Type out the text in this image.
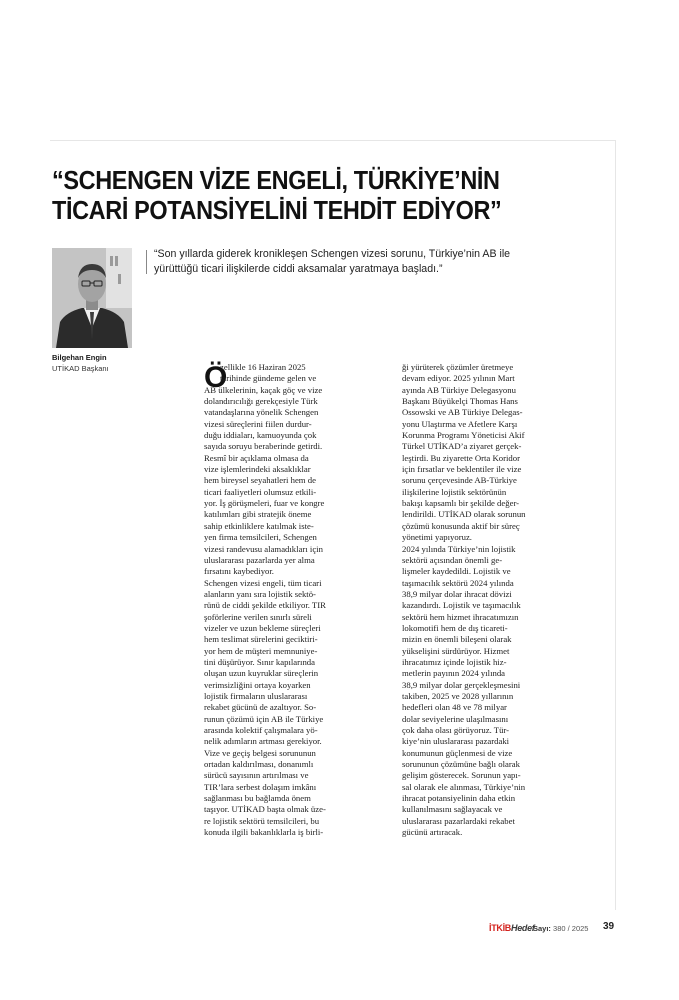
“SCHENGEN VİZE ENGELİ, TÜRKİYE’NİN
TİCARİ POTANSİYELİNİ TEHDİT EDİYOR”
Bilgehan Engin
UTİKAD Başkanı
“Son yıllarda giderek kronikleşen Schengen vizesi sorunu, Türkiye’nin AB ile
yürüttüğü ticari ilişkilerde ciddi aksamalar yaratmaya başladı.”
Ö
zellikle 16 Haziran 2025
tarihinde gündeme gelen ve
AB ülkelerinin, kaçak göç ve vize
dolandırıcılığı gerekçesiyle Türk
vatandaşlarına yönelik Schengen
vizesi süreçlerini fiilen durdur-
duğu iddiaları, kamuoyunda çok
sayıda soruyu beraberinde getirdi.
Resmî bir açıklama olmasa da
vize işlemlerindeki aksaklıklar
hem bireysel seyahatleri hem de
ticari faaliyetleri olumsuz etkili-
yor. İş görüşmeleri, fuar ve kongre
katılımları gibi stratejik öneme
sahip etkinliklere katılmak iste-
yen firma temsilcileri, Schengen
vizesi randevusu alamadıkları için
uluslararası pazarlarda yer alma
fırsatını kaybediyor.
Schengen vizesi engeli, tüm ticari
alanların yanı sıra lojistik sektö-
rünü de ciddi şekilde etkiliyor. TIR
şoförlerine verilen sınırlı süreli
vizeler ve uzun bekleme süreçleri
hem teslimat sürelerini geciktiri-
yor hem de müşteri memnuniye-
tini düşürüyor. Sınır kapılarında
oluşan uzun kuyruklar süreçlerin
verimsizliğini ortaya koyarken
lojistik firmaların uluslararası
rekabet gücünü de azaltıyor. So-
runun çözümü için AB ile Türkiye
arasında kolektif çalışmalara yö-
nelik adımların artması gerekiyor.
Vize ve geçiş belgesi sorununun
ortadan kaldırılması, donanımlı
sürücü sayısının artırılması ve
TIR’lara serbest dolaşım imkânı
sağlanması bu bağlamda önem
taşıyor. UTİKAD başta olmak üze-
re lojistik sektörü temsilcileri, bu
konuda ilgili bakanlıklarla iş birli-
ği yürüterek çözümler üretmeye
devam ediyor. 2025 yılının Mart
ayında AB Türkiye Delegasyonu
Başkanı Büyükelçi Thomas Hans
Ossowski ve AB Türkiye Delegas-
yonu Ulaştırma ve Afetlere Karşı
Korunma Programı Yöneticisi Akif
Türkel UTİKAD’a ziyaret gerçek-
leştirdi. Bu ziyarette Orta Koridor
için fırsatlar ve beklentiler ile vize
sorunu çerçevesinde AB-Türkiye
ilişkilerine lojistik sektörünün
bakışı kapsamlı bir şekilde değer-
lendirildi. UTİKAD olarak sorunun
çözümü konusunda aktif bir süreç
yönetimi yapıyoruz.
2024 yılında Türkiye’nin lojistik
sektörü açısından önemli ge-
lişmeler kaydedildi. Lojistik ve
taşımacılık sektörü 2024 yılında
38,9 milyar dolar ihracat dövizi
kazandırdı. Lojistik ve taşımacılık
sektörü hem hizmet ihracatımızın
lokomotifi hem de dış ticareti-
mizin en önemli bileşeni olarak
yükselişini sürdürüyor. Hizmet
ihracatımız içinde lojistik hiz-
metlerin payının 2024 yılında
38,9 milyar dolar gerçekleşmesini
takiben, 2025 ve 2028 yıllarının
hedefleri olan 48 ve 78 milyar
dolar seviyelerine ulaşılmasını
çok daha olası görüyoruz. Tür-
kiye’nin uluslararası pazardaki
konumunun güçlenmesi de vize
sorununun çözümüne bağlı olarak
gelişim gösterecek. Sorunun yapı-
sal olarak ele alınması, Türkiye’nin
ihracat potansiyelinin daha etkin
kullanılmasını sağlayacak ve
uluslararası pazarlardaki rekabet
gücünü artıracak.
İTKİBHedef
Sayı: 380 / 2025 39
